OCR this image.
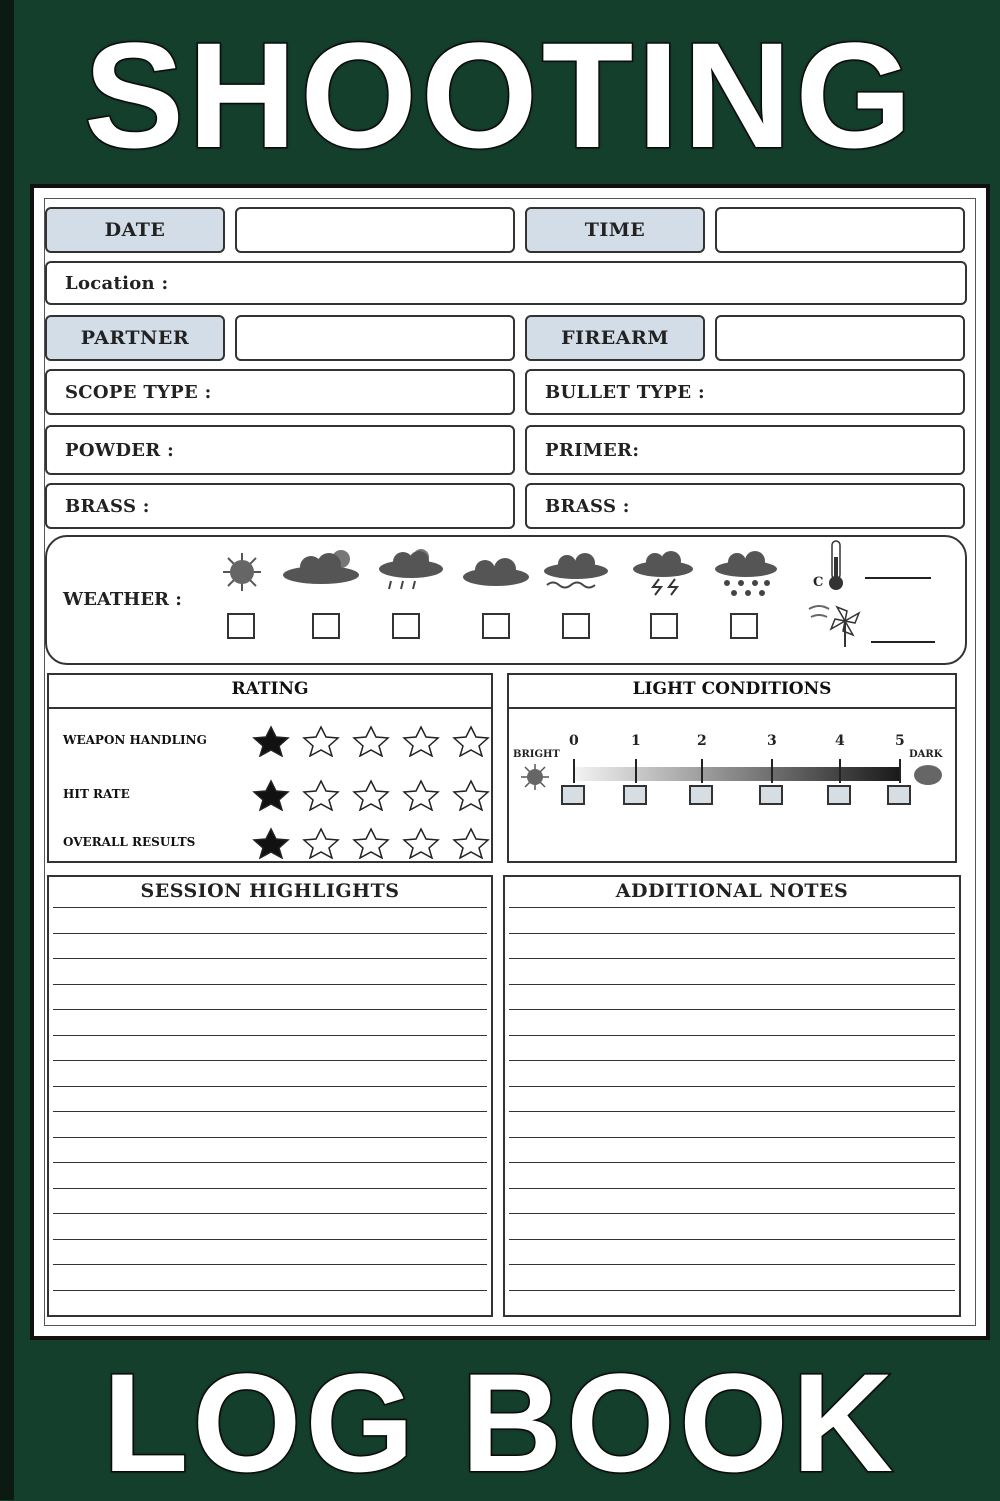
SHOOTING
DATE	TIME
Location :
PARTNER	FIREARM
SCOPE TYPE :	BULLET TYPE :
POWDER :	PRIMER:
BRASS :	BRASS :
WEATHER :
C
RATING
WEAPON HANDLING
HIT RATE
OVERALL RESULTS
LIGHT CONDITIONS
BRIGHT	DARK
0	1	2	3	4	5
SESSION HIGHLIGHTS	ADDITIONAL NOTES
LOG BOOK
